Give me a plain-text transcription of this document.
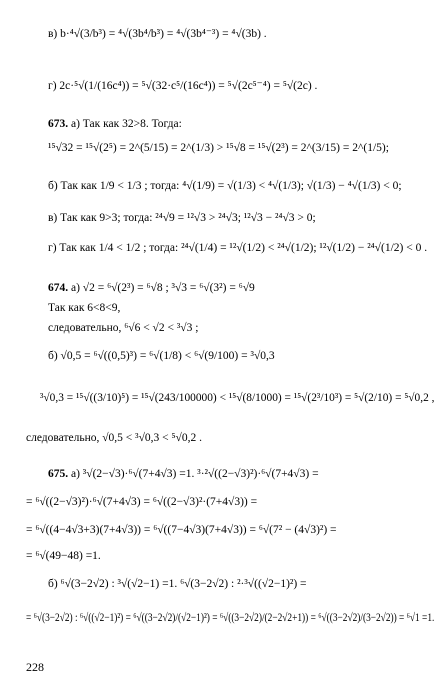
в) b·⁴√(3/b³) = ⁴√(3b⁴/b³) = ⁴√(3b⁴⁻³) = ⁴√(3b) .
г) 2c·⁵√(1/(16c⁴)) = ⁵√(32·c⁵/(16c⁴)) = ⁵√(2c⁵⁻⁴) = ⁵√(2c) .
673. а) Так как 32>8. Тогда:
¹⁵√32 = ¹⁵√(2⁵) = 2^(5/15) = 2^(1/3) > ¹⁵√8 = ¹⁵√(2³) = 2^(3/15) = 2^(1/5);
б) Так как 1/9 < 1/3 ; тогда: ⁴√(1/9) = √(1/3) < ⁴√(1/3); √(1/3) − ⁴√(1/3) < 0;
в) Так как 9>3; тогда: ²⁴√9 = ¹²√3 > ²⁴√3; ¹²√3 − ²⁴√3 > 0;
г) Так как 1/4 < 1/2 ; тогда: ²⁴√(1/4) = ¹²√(1/2) < ²⁴√(1/2); ¹²√(1/2) − ²⁴√(1/2) < 0 .
674. а) √2 = ⁶√(2³) = ⁶√8 ; ³√3 = ⁶√(3²) = ⁶√9
Так как 6<8<9,
следовательно, ⁶√6 < √2 < ³√3 ;
б) √0,5 = ⁶√((0,5)³) = ⁶√(1/8) < ⁶√(9/100) = ³√0,3
³√0,3 = ¹⁵√((3/10)⁵) = ¹⁵√(243/100000) < ¹⁵√(8/1000) = ¹⁵√(2³/10³) = ⁵√(2/10) = ⁵√0,2 ,
следовательно, √0,5 < ³√0,3 < ⁵√0,2 .
675. а) ³√(2−√3)·⁶√(7+4√3) =1. ³·²√((2−√3)²)·⁶√(7+4√3) =
= ⁶√((2−√3)²)·⁶√(7+4√3) = ⁶√((2−√3)²·(7+4√3)) =
= ⁶√((4−4√3+3)(7+4√3)) = ⁶√((7−4√3)(7+4√3)) = ⁶√(7² − (4√3)²) =
= ⁶√(49−48) =1.
б) ⁶√(3−2√2) : ³√(√2−1) =1. ⁶√(3−2√2) : ²·³√((√2−1)²) =
= ⁶√(3−2√2) : ⁶√((√2−1)²) = ⁶√((3−2√2)/(√2−1)²) = ⁶√((3−2√2)/(2−2√2+1)) = ⁶√((3−2√2)/(3−2√2)) = ⁶√1 =1.
228
